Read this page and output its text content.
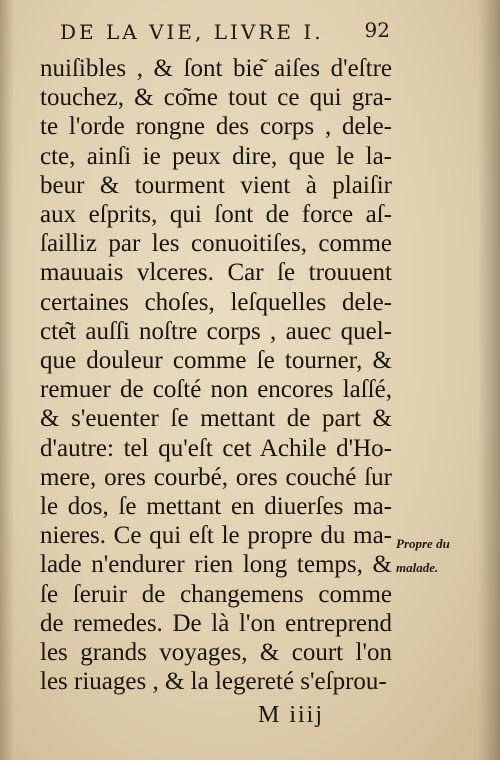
DE LA VIE, LIVRE I. 92
nuiſibles , & ſont bie͂ aiſes d'eſtre
touchez, & co͂me tout ce qui gra-
te l'orde rongne des corps , dele-
cte, ainſi ie peux dire, que le la-
beur & tourment vient à plaiſir
aux eſprits, qui ſont de force aſ-
ſailliz par les conuoitiſes, comme
mauuais vlceres. Car ſe trouuent
certaines choſes, leſquelles dele-
cte͂t auſſi noſtre corps , auec quel-
que douleur comme ſe tourner, &
remuer de coſté non encores laſſé,
& s'euenter ſe mettant de part &
d'autre: tel qu'eſt cet Achile d'Ho-
mere, ores courbé, ores couché ſur
le dos, ſe mettant en diuerſes ma-
nieres. Ce qui eſt le propre du ma-
lade n'endurer rien long temps, &
ſe ſeruir de changemens comme
de remedes. De là l'on entreprend
les grands voyages, & court l'on
les riuages , & la legereté s'eſprou-
Propre du
malade.
M iiij
